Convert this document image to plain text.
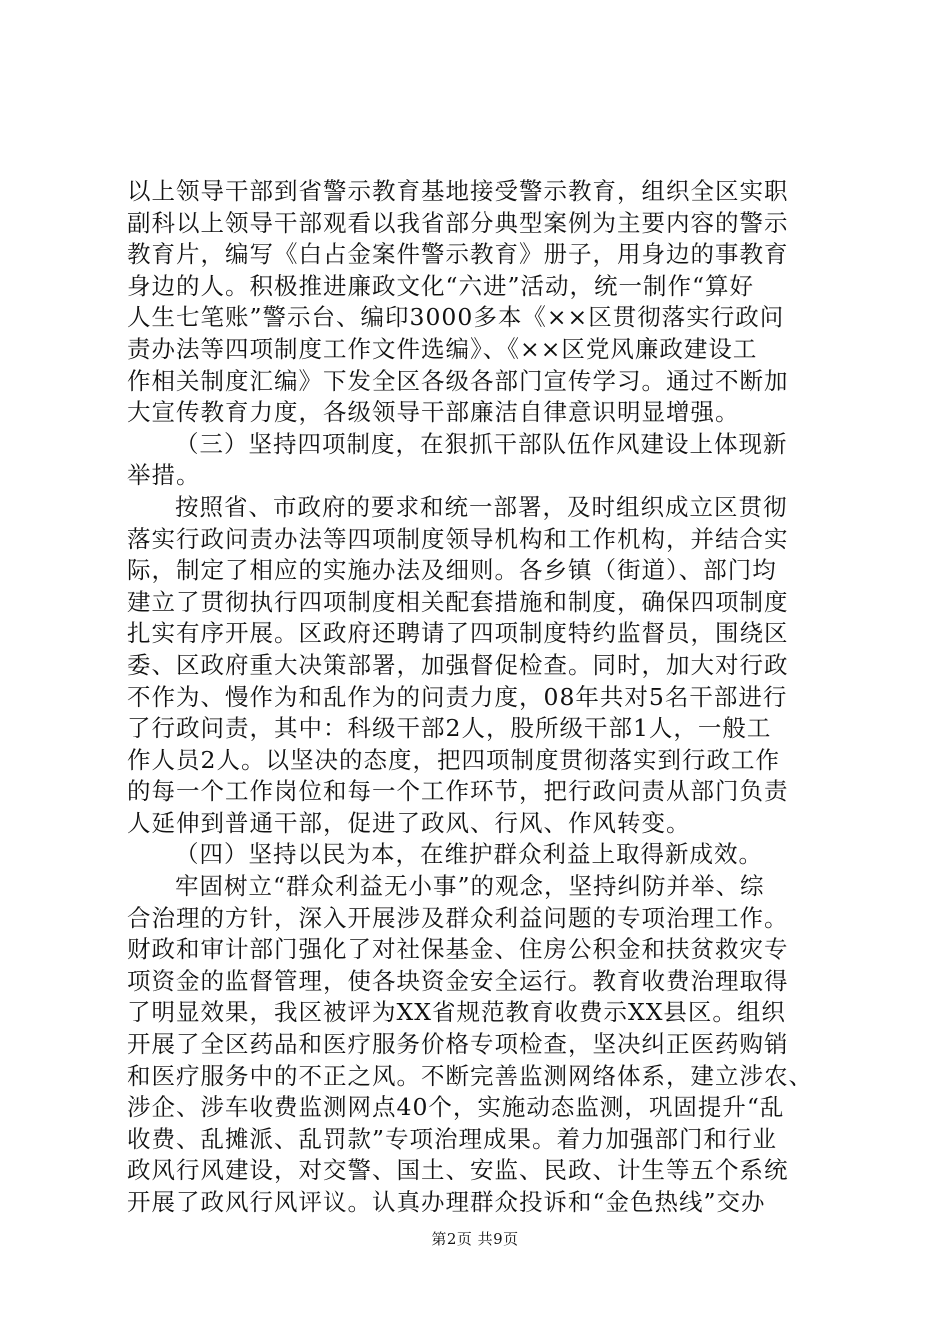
以上领导干部到省警示教育基地接受警示教育，组织全区实职
副科以上领导干部观看以我省部分典型案例为主要内容的警示
教育片，编写《白占金案件警示教育》册子，用身边的事教育
身边的人。积极推进廉政文化“六进”活动，统一制作“算好
人生七笔账”警示台、编印3000多本《××区贯彻落实行政问
责办法等四项制度工作文件选编》、《××区党风廉政建设工
作相关制度汇编》下发全区各级各部门宣传学习。通过不断加
大宣传教育力度，各级领导干部廉洁自律意识明显增强。
（三）坚持四项制度，在狠抓干部队伍作风建设上体现新
举措。
按照省、市政府的要求和统一部署，及时组织成立区贯彻
落实行政问责办法等四项制度领导机构和工作机构，并结合实
际，制定了相应的实施办法及细则。各乡镇（街道）、部门均
建立了贯彻执行四项制度相关配套措施和制度，确保四项制度
扎实有序开展。区政府还聘请了四项制度特约监督员，围绕区
委、区政府重大决策部署，加强督促检查。同时，加大对行政
不作为、慢作为和乱作为的问责力度，08年共对5名干部进行
了行政问责，其中：科级干部2人，股所级干部1人，一般工
作人员2人。以坚决的态度，把四项制度贯彻落实到行政工作
的每一个工作岗位和每一个工作环节，把行政问责从部门负责
人延伸到普通干部，促进了政风、行风、作风转变。
（四）坚持以民为本，在维护群众利益上取得新成效。
牢固树立“群众利益无小事”的观念，坚持纠防并举、综
合治理的方针，深入开展涉及群众利益问题的专项治理工作。
财政和审计部门强化了对社保基金、住房公积金和扶贫救灾专
项资金的监督管理，使各块资金安全运行。教育收费治理取得
了明显效果，我区被评为XX省规范教育收费示XX县区。组织
开展了全区药品和医疗服务价格专项检查，坚决纠正医药购销
和医疗服务中的不正之风。不断完善监测网络体系，建立涉农、
涉企、涉车收费监测网点40个，实施动态监测，巩固提升“乱
收费、乱摊派、乱罚款”专项治理成果。着力加强部门和行业
政风行风建设，对交警、国土、安监、民政、计生等五个系统
开展了政风行风评议。认真办理群众投诉和“金色热线”交办
第2页 共9页
